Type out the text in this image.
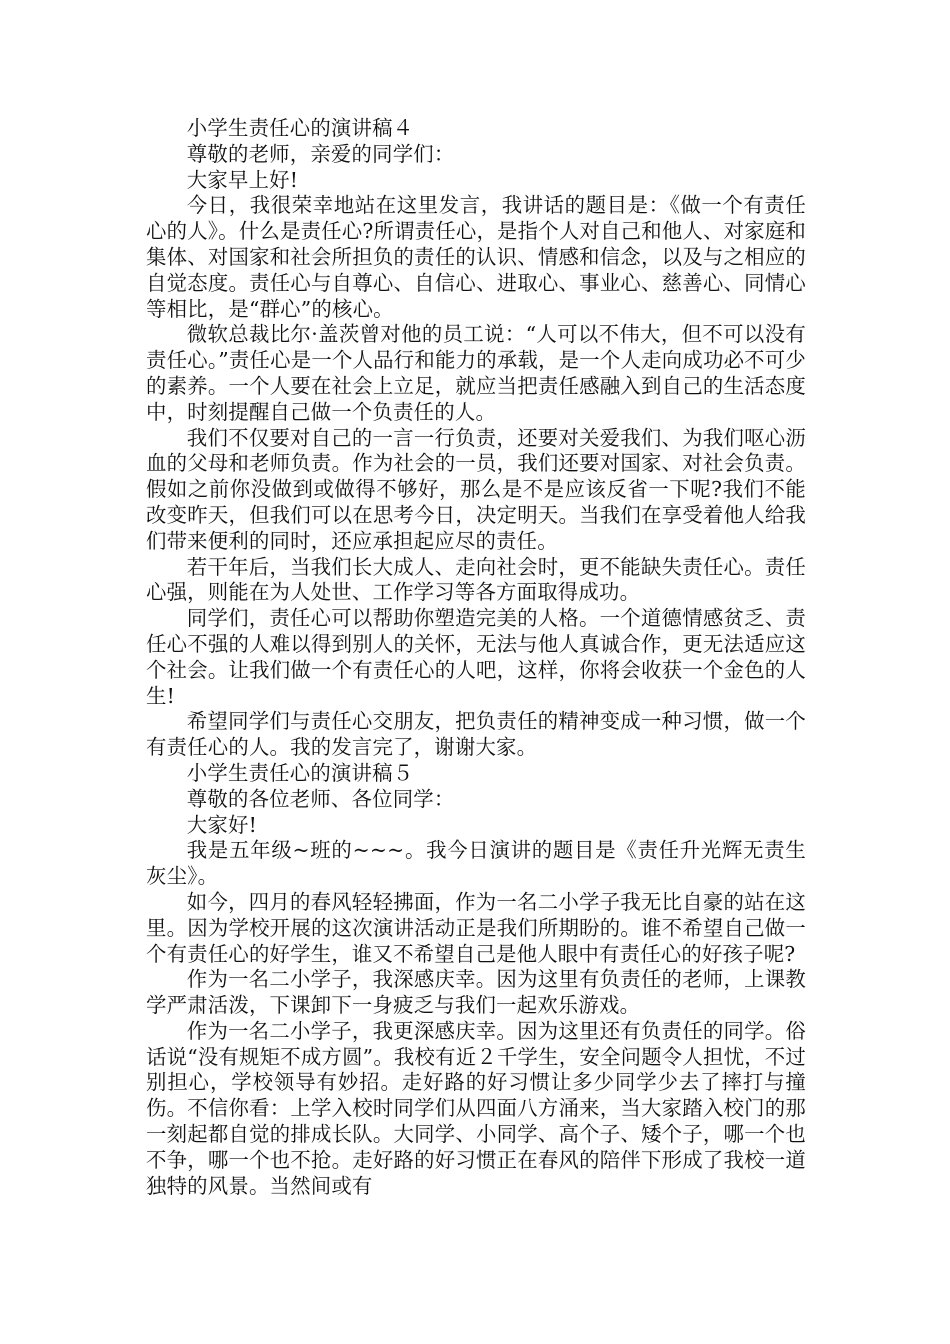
小学生责任心的演讲稿４

尊敬的老师，亲爱的同学们：

大家早上好!

今日，我很荣幸地站在这里发言，我讲话的题目是：《做一个有责任心的人》。什么是责任心?所谓责任心，是指个人对自己和他人、对家庭和集体、对国家和社会所担负的责任的认识、情感和信念，以及与之相应的自觉态度。责任心与自尊心、自信心、进取心、事业心、慈善心、同情心等相比，是“群心”的核心。

微软总裁比尔·盖茨曾对他的员工说：“人可以不伟大，但不可以没有责任心。”责任心是一个人品行和能力的承载，是一个人走向成功必不可少的素养。一个人要在社会上立足，就应当把责任感融入到自己的生活态度中，时刻提醒自己做一个负责任的人。

我们不仅要对自己的一言一行负责，还要对关爱我们、为我们呕心沥血的父母和老师负责。作为社会的一员，我们还要对国家、对社会负责。假如之前你没做到或做得不够好，那么是不是应该反省一下呢?我们不能改变昨天，但我们可以在思考今日，决定明天。当我们在享受着他人给我们带来便利的同时，还应承担起应尽的责任。

若干年后，当我们长大成人、走向社会时，更不能缺失责任心。责任心强，则能在为人处世、工作学习等各方面取得成功。

同学们，责任心可以帮助你塑造完美的人格。一个道德情感贫乏、责任心不强的人难以得到别人的关怀，无法与他人真诚合作，更无法适应这个社会。让我们做一个有责任心的人吧，这样，你将会收获一个金色的人生!

希望同学们与责任心交朋友，把负责任的精神变成一种习惯，做一个有责任心的人。我的发言完了，谢谢大家。

小学生责任心的演讲稿５

尊敬的各位老师、各位同学：

大家好!

我是五年级~班的~~~。我今日演讲的题目是《责任升光辉无责生灰尘》。

如今，四月的春风轻轻拂面，作为一名二小学子我无比自豪的站在这里。因为学校开展的这次演讲活动正是我们所期盼的。谁不希望自己做一个有责任心的好学生，谁又不希望自己是他人眼中有责任心的好孩子呢?

作为一名二小学子，我深感庆幸。因为这里有负责任的老师，上课教学严肃活泼，下课卸下一身疲乏与我们一起欢乐游戏。

作为一名二小学子，我更深感庆幸。因为这里还有负责任的同学。俗话说“没有规矩不成方圆”。我校有近２千学生，安全问题令人担忧，不过别担心，学校领导有妙招。走好路的好习惯让多少同学少去了摔打与撞伤。不信你看：上学入校时同学们从四面八方涌来，当大家踏入校门的那一刻起都自觉的排成长队。大同学、小同学、高个子、矮个子，哪一个也不争，哪一个也不抢。走好路的好习惯正在春风的陪伴下形成了我校一道独特的风景。当然间或有
